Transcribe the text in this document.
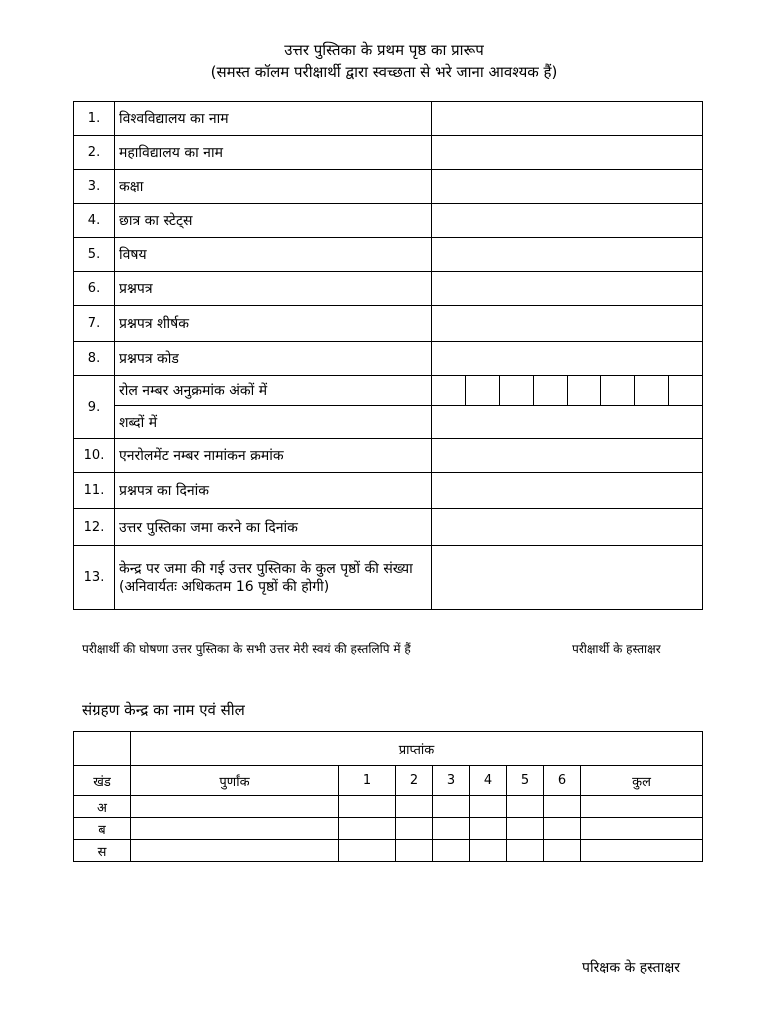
उत्तर पुस्तिका के प्रथम पृष्ठ का प्रारूप
(समस्त कॉलम परीक्षार्थी द्वारा स्वच्छता से भरे जाना आवश्यक हैं)
1.	विश्वविद्यालय का नाम								
2.	महाविद्यालय का नाम								
3.	कक्षा								
4.	छात्र का स्टेट्स								
5.	विषय								
6.	प्रश्नपत्र								
7.	प्रश्नपत्र शीर्षक								
8.	प्रश्नपत्र कोड								
9.	रोल नम्बर अनुक्रमांक अंकों में								
	शब्दों में								
10.	एनरोलमेंट नम्बर नामांकन क्रमांक								
11.	प्रश्नपत्र का दिनांक								
12.	उत्तर पुस्तिका जमा करने का दिनांक								
13.	केन्द्र पर जमा की गई उत्तर पुस्तिका के कुल पृष्ठों की संख्या (अनिवार्यतः अधिकतम 16 पृष्ठों की होगी)								
परीक्षार्थी की घोषणा उत्तर पुस्तिका के सभी उत्तर मेरी स्वयं की हस्तलिपि में हैं	परीक्षार्थी के हस्ताक्षर
संग्रहण केन्द्र का नाम एवं सील
	प्राप्तांक							
खंड	पुर्णांक	1	2	3	4	5	6	कुल
अ								
ब								
स								
परिक्षक के हस्ताक्षर
